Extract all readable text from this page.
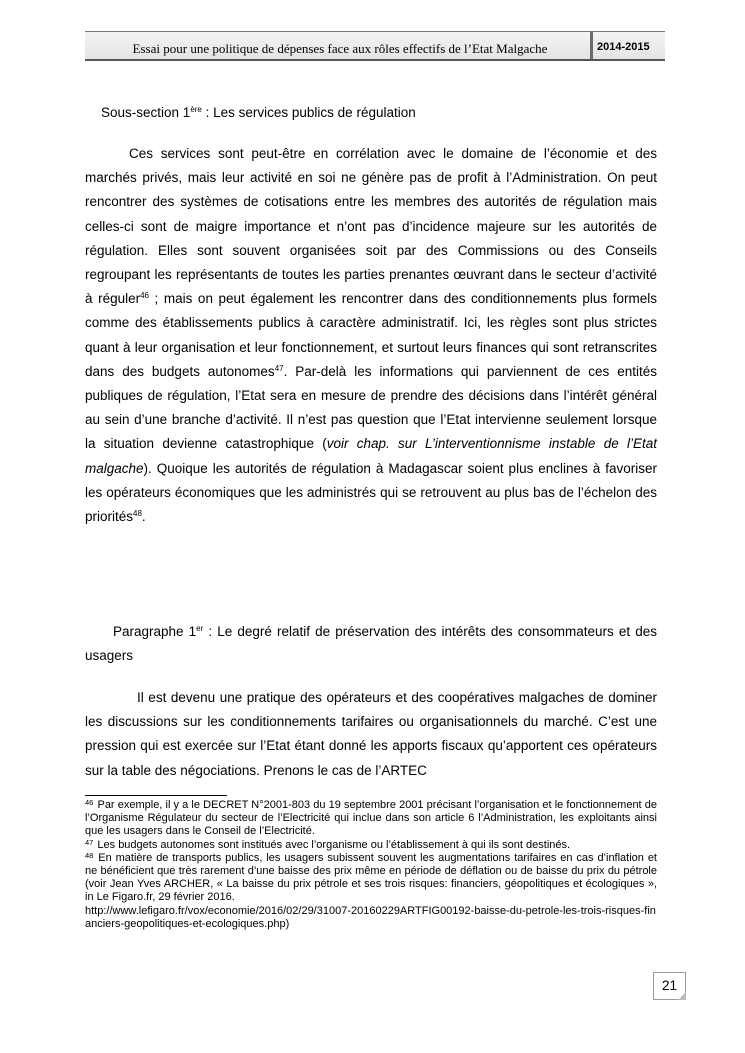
Essai pour une politique de dépenses face aux rôles effectifs de l’Etat Malgache	2014-2015
Sous-section 1ère : Les services publics de régulation

Ces services sont peut-être en corrélation avec le domaine de l’économie et des marchés privés, mais leur activité en soi ne génère pas de profit à l’Administration. On peut rencontrer des systèmes de cotisations entre les membres des autorités de régulation mais celles-ci sont de maigre importance et n’ont pas d’incidence majeure sur les autorités de régulation. Elles sont souvent organisées soit par des Commissions ou des Conseils regroupant les représentants de toutes les parties prenantes œuvrant dans le secteur d’activité à réguler$^{46}$ ; mais on peut également les rencontrer dans des conditionnements plus formels comme des établissements publics à caractère administratif. Ici, les règles sont plus strictes quant à leur organisation et leur fonctionnement, et surtout leurs finances qui sont retranscrites dans des budgets autonomes$^{47}$. Par-delà les informations qui parviennent de ces entités publiques de régulation, l’Etat sera en mesure de prendre des décisions dans l’intérêt général au sein d’une branche d’activité. Il n’est pas question que l’Etat intervienne seulement lorsque la situation devienne catastrophique (voir chap. sur L’interventionnisme instable de l’Etat malgache). Quoique les autorités de régulation à Madagascar soient plus enclines à favoriser les opérateurs économiques que les administrés qui se retrouvent au plus bas de l’échelon des priorités$^{48}$.

Paragraphe 1er : Le degré relatif de préservation des intérêts des consommateurs et des usagers

Il est devenu une pratique des opérateurs et des coopératives malgaches de dominer les discussions sur les conditionnements tarifaires ou organisationnels du marché. C’est une pression qui est exercée sur l’Etat étant donné les apports fiscaux qu’apportent ces opérateurs sur la table des négociations. Prenons le cas de l’ARTEC

$^{46}$ Par exemple, il y a le DECRET N°2001-803 du 19 septembre 2001 précisant l’organisation et le fonctionnement de l’Organisme Régulateur du secteur de l’Electricité qui inclue dans son article 6 l’Administration, les exploitants ainsi que les usagers dans le Conseil de l’Electricité.
$^{47}$ Les budgets autonomes sont institués avec l’organisme ou l’établissement à qui ils sont destinés.
$^{48}$ En matière de transports publics, les usagers subissent souvent les augmentations tarifaires en cas d’inflation et ne bénéficient que très rarement d’une baisse des prix même en période de déflation ou de baisse du prix du pétrole (voir Jean Yves ARCHER, « La baisse du prix pétrole et ses trois risques: financiers, géopolitiques et écologiques », in Le Figaro.fr, 29 février 2016.
http://www.lefigaro.fr/vox/economie/2016/02/29/31007-20160229ARTFIG00192-baisse-du-petrole-les-trois-risques-financiers-geopolitiques-et-ecologiques.php)
21
